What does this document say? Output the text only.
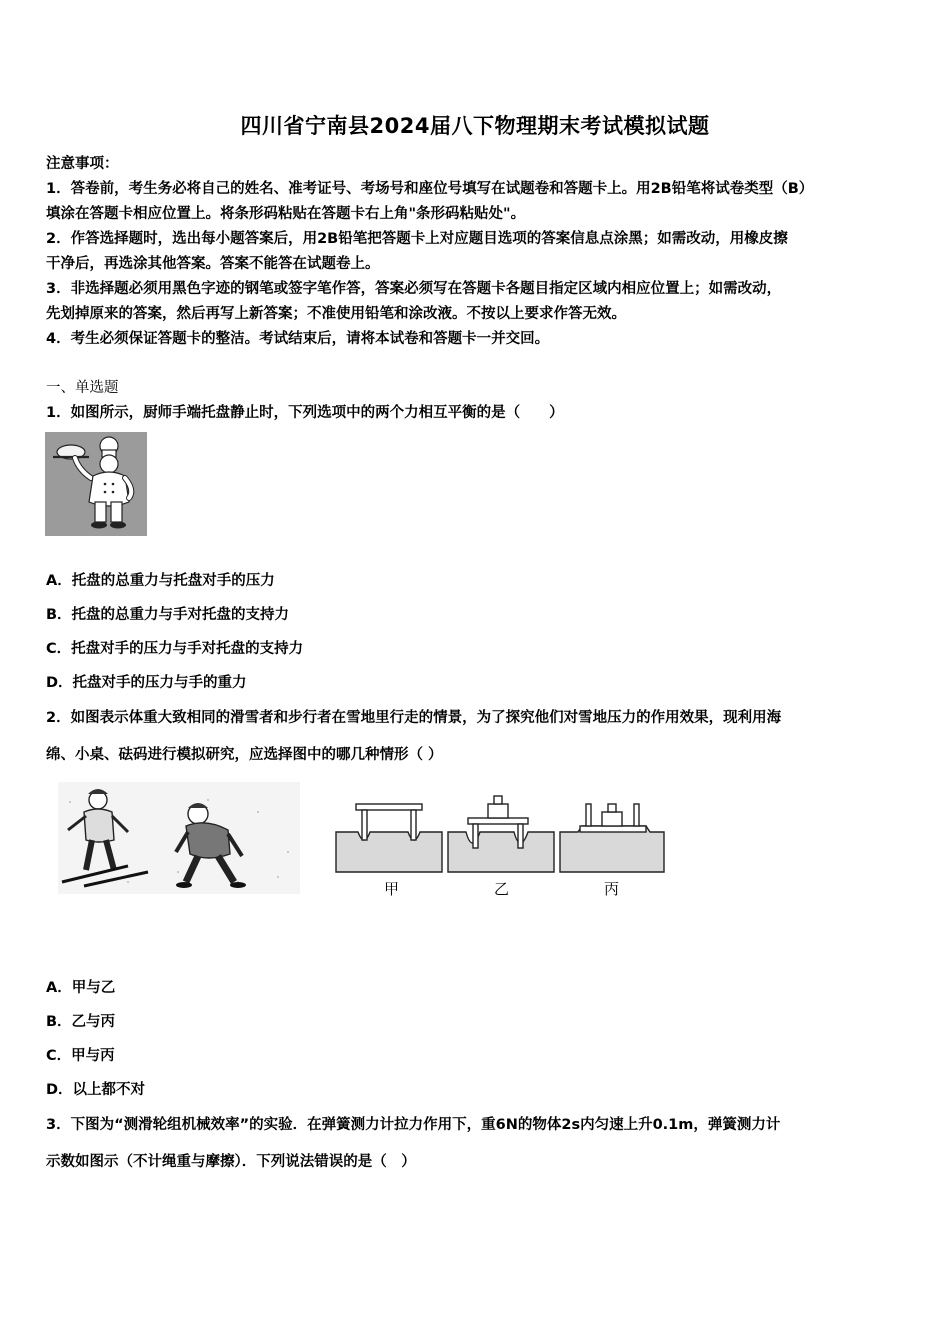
四川省宁南县2024届八下物理期末考试模拟试题
注意事项：
1．答卷前，考生务必将自己的姓名、准考证号、考场号和座位号填写在试题卷和答题卡上。用2B铅笔将试卷类型（B）
填涂在答题卡相应位置上。将条形码粘贴在答题卡右上角"条形码粘贴处"。
2．作答选择题时，选出每小题答案后，用2B铅笔把答题卡上对应题目选项的答案信息点涂黑；如需改动，用橡皮擦
干净后，再选涂其他答案。答案不能答在试题卷上。
3．非选择题必须用黑色字迹的钢笔或签字笔作答，答案必须写在答题卡各题目指定区域内相应位置上；如需改动，
先划掉原来的答案，然后再写上新答案；不准使用铅笔和涂改液。不按以上要求作答无效。
4．考生必须保证答题卡的整洁。考试结束后，请将本试卷和答题卡一并交回。
一、单选题
1．如图所示，厨师手端托盘静止时，下列选项中的两个力相互平衡的是（　　）
A．托盘的总重力与托盘对手的压力
B．托盘的总重力与手对托盘的支持力
C．托盘对手的压力与手对托盘的支持力
D．托盘对手的压力与手的重力
2．如图表示体重大致相同的滑雪者和步行者在雪地里行走的情景，为了探究他们对雪地压力的作用效果，现利用海
绵、小桌、砝码进行模拟研究，应选择图中的哪几种情形（ ）
甲	乙	丙
A．甲与乙
B．乙与丙
C．甲与丙
D．以上都不对
3．下图为“测滑轮组机械效率”的实验．在弹簧测力计拉力作用下，重6N的物体2s内匀速上升0.1m，弹簧测力计
示数如图示（不计绳重与摩擦）．下列说法错误的是（　）
